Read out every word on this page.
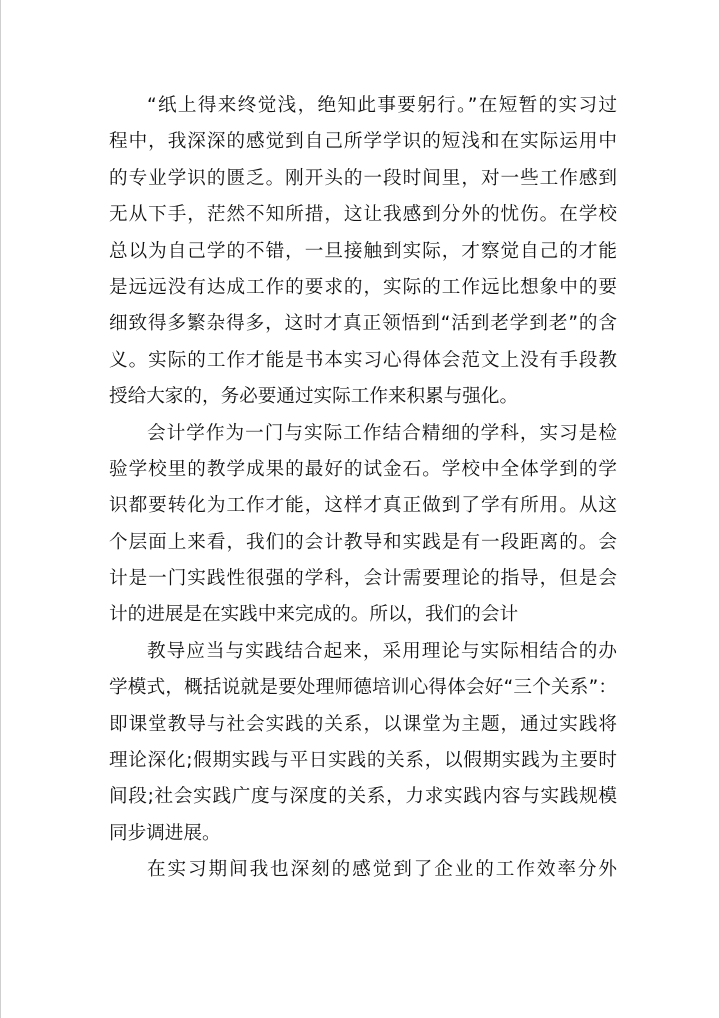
“纸上得来终觉浅，绝知此事要躬行。”在短暂的实习过
程中，我深深的感觉到自己所学学识的短浅和在实际运用中
的专业学识的匮乏。刚开头的一段时间里，对一些工作感到
无从下手，茫然不知所措，这让我感到分外的忧伤。在学校
总以为自己学的不错，一旦接触到实际，才察觉自己的才能
是远远没有达成工作的要求的，实际的工作远比想象中的要
细致得多繁杂得多，这时才真正领悟到“活到老学到老”的含
义。实际的工作才能是书本实习心得体会范文上没有手段教
授给大家的，务必要通过实际工作来积累与强化。
会计学作为一门与实际工作结合精细的学科，实习是检
验学校里的教学成果的最好的试金石。学校中全体学到的学
识都要转化为工作才能，这样才真正做到了学有所用。从这
个层面上来看，我们的会计教导和实践是有一段距离的。会
计是一门实践性很强的学科，会计需要理论的指导，但是会
计的进展是在实践中来完成的。所以，我们的会计
教导应当与实践结合起来，采用理论与实际相结合的办
学模式，概括说就是要处理师德培训心得体会好“三个关系”：
即课堂教导与社会实践的关系，以课堂为主题，通过实践将
理论深化;假期实践与平日实践的关系，以假期实践为主要时
间段;社会实践广度与深度的关系，力求实践内容与实践规模
同步调进展。
在实习期间我也深刻的感觉到了企业的工作效率分外
